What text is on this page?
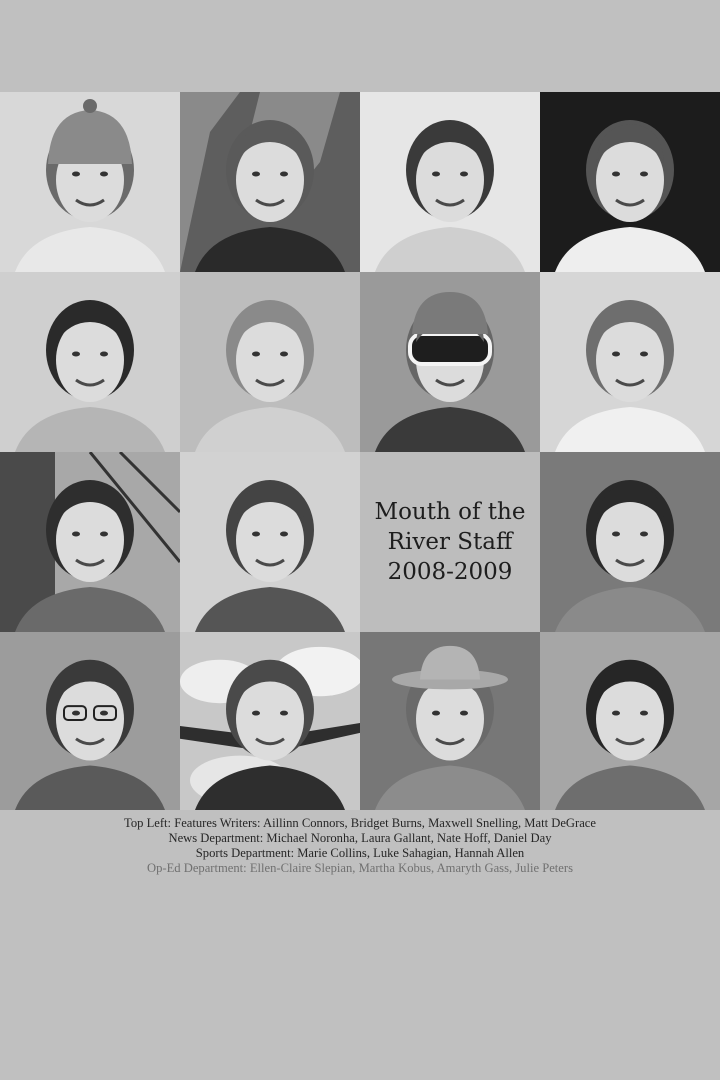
Mouth of the
River Staff
2008-2009
Top Left: Features Writers: Aillinn Connors, Bridget Burns, Maxwell Snelling, Matt DeGrace
News Department: Michael Noronha, Laura Gallant, Nate Hoff, Daniel Day
Sports Department: Marie Collins, Luke Sahagian, Hannah Allen
Op-Ed Department: Ellen-Claire Slepian, Martha Kobus, Amaryth Gass, Julie Peters
